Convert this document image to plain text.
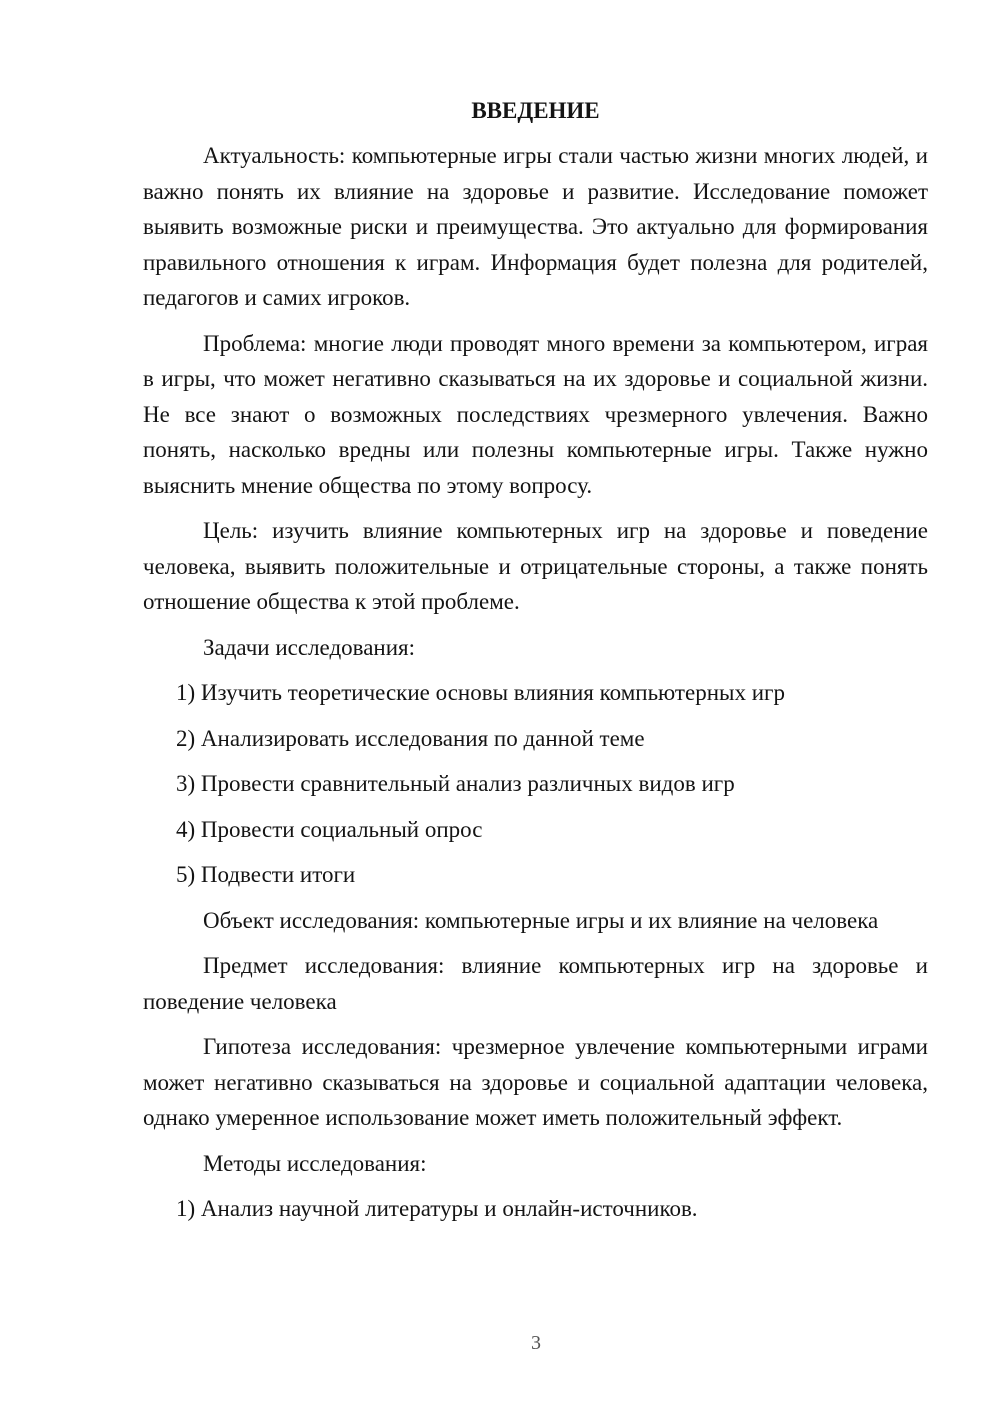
ВВЕДЕНИЕ

Актуальность: компьютерные игры стали частью жизни многих людей, и важно понять их влияние на здоровье и развитие. Исследование поможет выявить возможные риски и преимущества. Это актуально для формирования правильного отношения к играм. Информация будет полезна для родителей, педагогов и самих игроков.

Проблема: многие люди проводят много времени за компьютером, играя в игры, что может негативно сказываться на их здоровье и социальной жизни. Не все знают о возможных последствиях чрезмерного увлечения. Важно понять, насколько вредны или полезны компьютерные игры. Также нужно выяснить мнение общества по этому вопросу.

Цель: изучить влияние компьютерных игр на здоровье и поведение человека, выявить положительные и отрицательные стороны, а также понять отношение общества к этой проблеме.

Задачи исследования:

1) Изучить теоретические основы влияния компьютерных игр
2) Анализировать исследования по данной теме
3) Провести сравнительный анализ различных видов игр
4) Провести социальный опрос
5) Подвести итоги

Объект исследования: компьютерные игры и их влияние на человека

Предмет исследования: влияние компьютерных игр на здоровье и поведение человека

Гипотеза исследования: чрезмерное увлечение компьютерными играми может негативно сказываться на здоровье и социальной адаптации человека, однако умеренное использование может иметь положительный эффект.

Методы исследования:

1) Анализ научной литературы и онлайн-источников.
3
